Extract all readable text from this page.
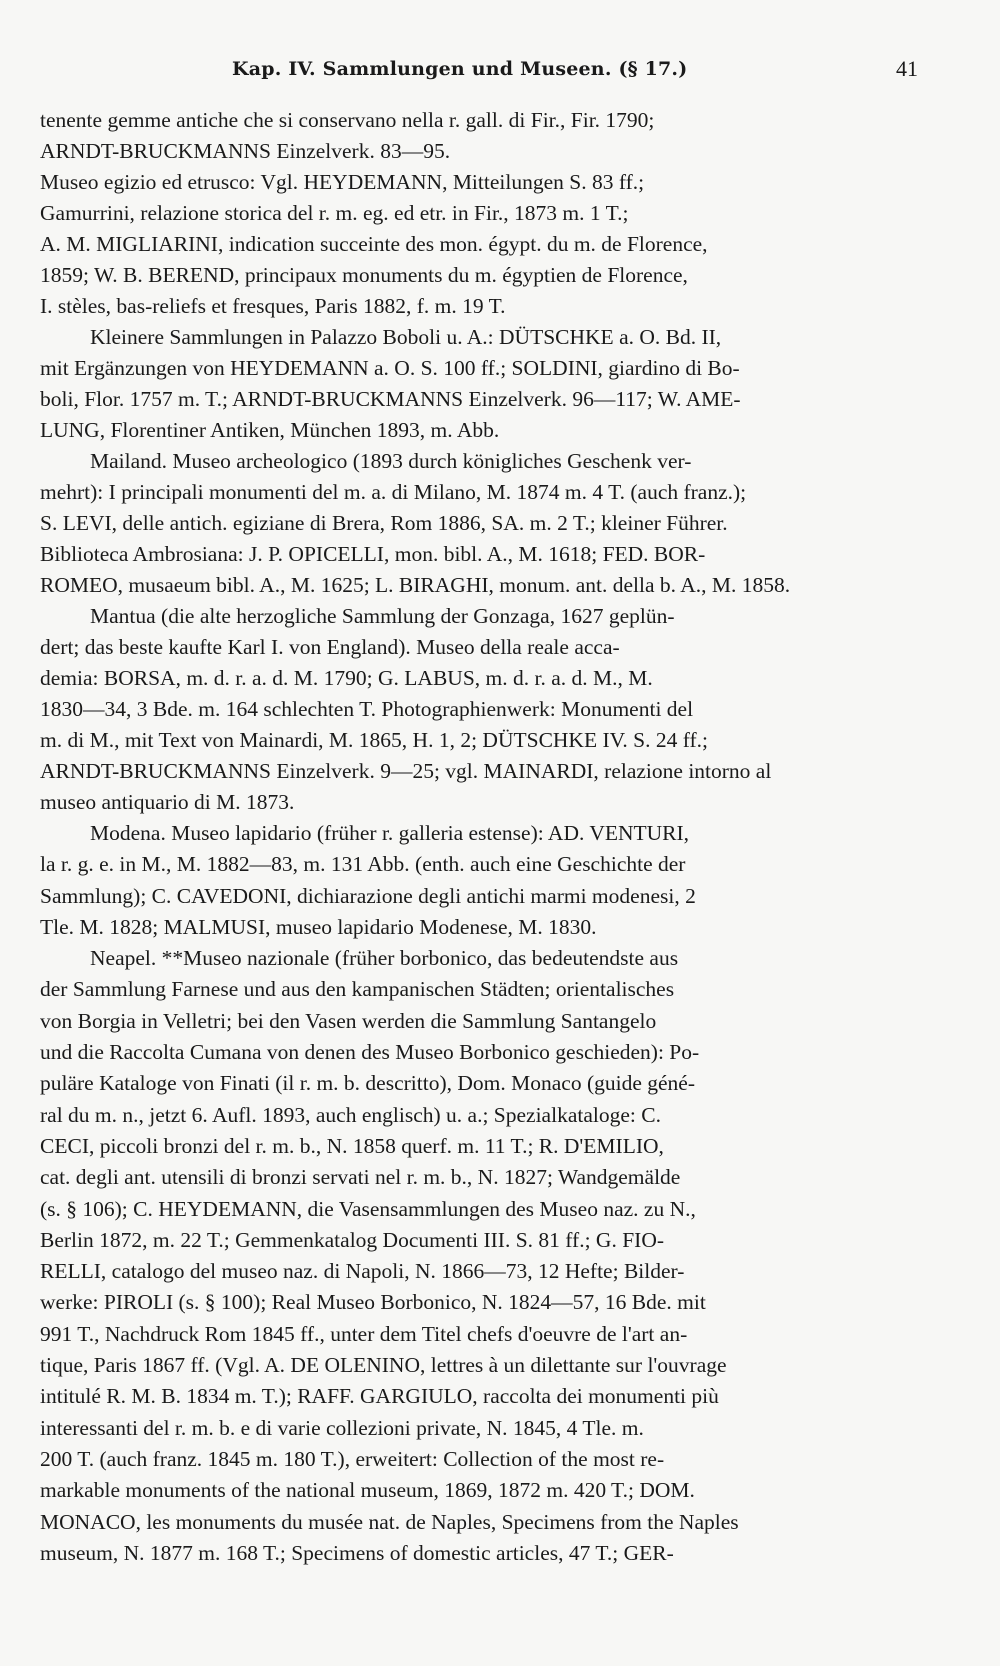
Kap. IV. Sammlungen und Museen. (§ 17.)	41
tenente gemme antiche che si conservano nella r. gall. di Fir., Fir. 1790;
ARNDT-BRUCKMANNS Einzelverk. 83—95.
Museo egizio ed etrusco: Vgl. HEYDEMANN, Mitteilungen S. 83 ff.;
Gamurrini, relazione storica del r. m. eg. ed etr. in Fir., 1873 m. 1 T.;
A. M. MIGLIARINI, indication succeinte des mon. égypt. du m. de Florence,
1859; W. B. BEREND, principaux monuments du m. égyptien de Florence,
I. stèles, bas-reliefs et fresques, Paris 1882, f. m. 19 T.
Kleinere Sammlungen in Palazzo Boboli u. A.: DÜTSCHKE a. O. Bd. II,
mit Ergänzungen von HEYDEMANN a. O. S. 100 ff.; SOLDINI, giardino di Bo-
boli, Flor. 1757 m. T.; ARNDT-BRUCKMANNS Einzelverk. 96—117; W. AME-
LUNG, Florentiner Antiken, München 1893, m. Abb.
Mailand. Museo archeologico (1893 durch königliches Geschenk ver-
mehrt): I principali monumenti del m. a. di Milano, M. 1874 m. 4 T. (auch franz.);
S. LEVI, delle antich. egiziane di Brera, Rom 1886, SA. m. 2 T.; kleiner Führer.
Biblioteca Ambrosiana: J. P. OPICELLI, mon. bibl. A., M. 1618; FED. BOR-
ROMEO, musaeum bibl. A., M. 1625; L. BIRAGHI, monum. ant. della b. A., M. 1858.
Mantua (die alte herzogliche Sammlung der Gonzaga, 1627 geplün-
dert; das beste kaufte Karl I. von England). Museo della reale acca-
demia: BORSA, m. d. r. a. d. M. 1790; G. LABUS, m. d. r. a. d. M., M.
1830—34, 3 Bde. m. 164 schlechten T. Photographienwerk: Monumenti del
m. di M., mit Text von Mainardi, M. 1865, H. 1, 2; DÜTSCHKE IV. S. 24 ff.;
ARNDT-BRUCKMANNS Einzelverk. 9—25; vgl. MAINARDI, relazione intorno al
museo antiquario di M. 1873.
Modena. Museo lapidario (früher r. galleria estense): AD. VENTURI,
la r. g. e. in M., M. 1882—83, m. 131 Abb. (enth. auch eine Geschichte der
Sammlung); C. CAVEDONI, dichiarazione degli antichi marmi modenesi, 2
Tle. M. 1828; MALMUSI, museo lapidario Modenese, M. 1830.
Neapel. **Museo nazionale (früher borbonico, das bedeutendste aus
der Sammlung Farnese und aus den kampanischen Städten; orientalisches
von Borgia in Velletri; bei den Vasen werden die Sammlung Santangelo
und die Raccolta Cumana von denen des Museo Borbonico geschieden): Po-
puläre Kataloge von Finati (il r. m. b. descritto), Dom. Monaco (guide géné-
ral du m. n., jetzt 6. Aufl. 1893, auch englisch) u. a.; Spezialkataloge: C.
CECI, piccoli bronzi del r. m. b., N. 1858 querf. m. 11 T.; R. D'EMILIO,
cat. degli ant. utensili di bronzi servati nel r. m. b., N. 1827; Wandgemälde
(s. § 106); C. HEYDEMANN, die Vasensammlungen des Museo naz. zu N.,
Berlin 1872, m. 22 T.; Gemmenkatalog Documenti III. S. 81 ff.; G. FIO-
RELLI, catalogo del museo naz. di Napoli, N. 1866—73, 12 Hefte; Bilder-
werke: PIROLI (s. § 100); Real Museo Borbonico, N. 1824—57, 16 Bde. mit
991 T., Nachdruck Rom 1845 ff., unter dem Titel chefs d'oeuvre de l'art an-
tique, Paris 1867 ff. (Vgl. A. DE OLENINO, lettres à un dilettante sur l'ouvrage
intitulé R. M. B. 1834 m. T.); RAFF. GARGIULO, raccolta dei monumenti più
interessanti del r. m. b. e di varie collezioni private, N. 1845, 4 Tle. m.
200 T. (auch franz. 1845 m. 180 T.), erweitert: Collection of the most re-
markable monuments of the national museum, 1869, 1872 m. 420 T.; DOM.
MONACO, les monuments du musée nat. de Naples, Specimens from the Naples
museum, N. 1877 m. 168 T.; Specimens of domestic articles, 47 T.; GER-
